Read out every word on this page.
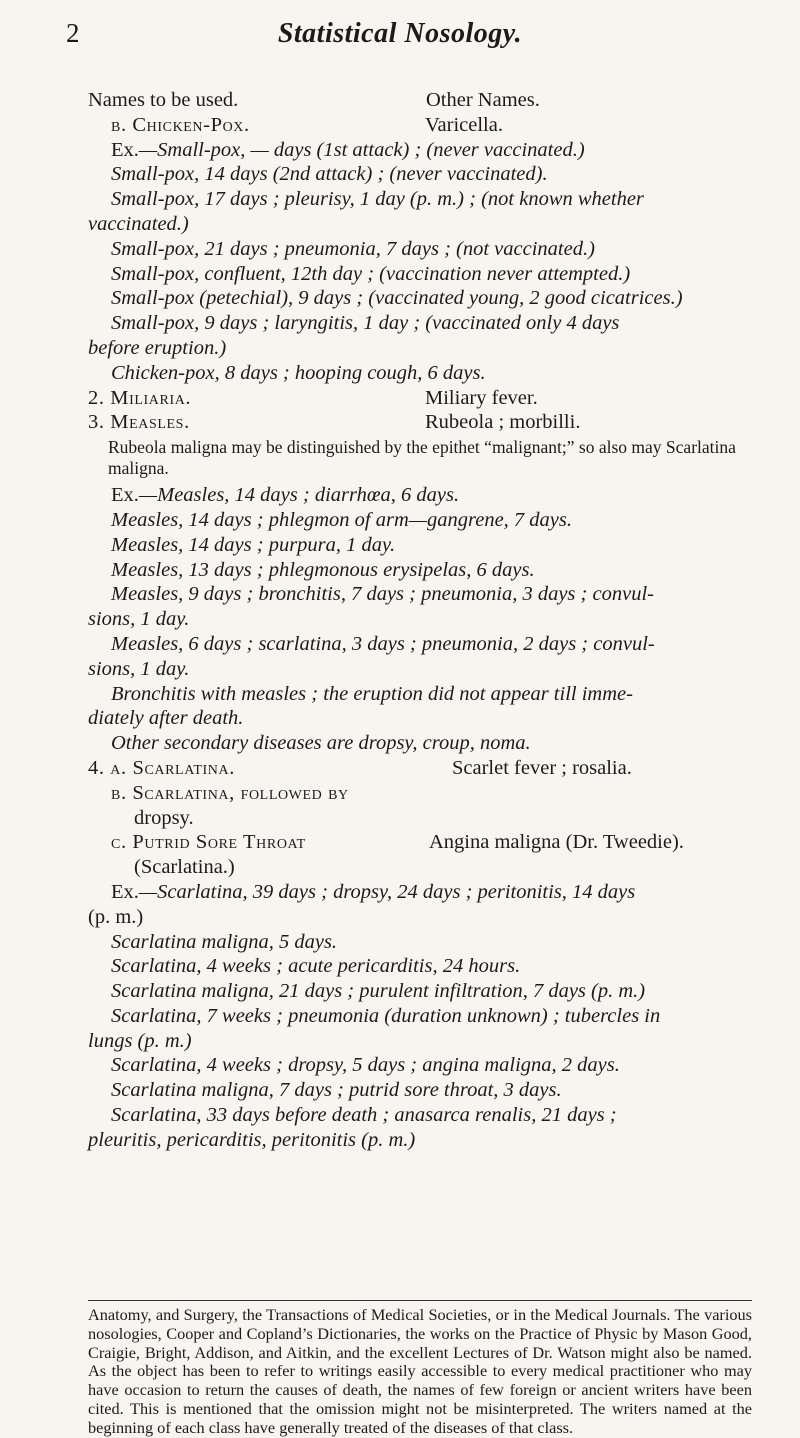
2	Statistical Nosology.
Names to be used.	Other Names.
b. Chicken-Pox.	Varicella.
Ex.—Small-pox, — days (1st attack) ; (never vaccinated.)
Small-pox, 14 days (2nd attack) ; (never vaccinated).
Small-pox, 17 days ; pleurisy, 1 day (p. m.) ; (not known whether
vaccinated.)
Small-pox, 21 days ; pneumonia, 7 days ; (not vaccinated.)
Small-pox, confluent, 12th day ; (vaccination never attempted.)
Small-pox (petechial), 9 days ; (vaccinated young, 2 good cicatrices.)
Small-pox, 9 days ; laryngitis, 1 day ; (vaccinated only 4 days
before eruption.)
Chicken-pox, 8 days ; hooping cough, 6 days.
2. Miliaria.	Miliary fever.
3. Measles.	Rubeola ; morbilli.
Rubeola maligna may be distinguished by the epithet “malignant;” so also may Scarlatina maligna.
Ex.—Measles, 14 days ; diarrhœa, 6 days.
Measles, 14 days ; phlegmon of arm—gangrene, 7 days.
Measles, 14 days ; purpura, 1 day.
Measles, 13 days ; phlegmonous erysipelas, 6 days.
Measles, 9 days ; bronchitis, 7 days ; pneumonia, 3 days ; convul-
sions, 1 day.
Measles, 6 days ; scarlatina, 3 days ; pneumonia, 2 days ; convul-
sions, 1 day.
Bronchitis with measles ; the eruption did not appear till imme-
diately after death.
Other secondary diseases are dropsy, croup, noma.
4. a. Scarlatina.	Scarlet fever ; rosalia.
b. Scarlatina, followed by
dropsy.
c. Putrid Sore Throat	Angina maligna (Dr. Tweedie).
(Scarlatina.)
Ex.—Scarlatina, 39 days ; dropsy, 24 days ; peritonitis, 14 days
(p. m.)
Scarlatina maligna, 5 days.
Scarlatina, 4 weeks ; acute pericarditis, 24 hours.
Scarlatina maligna, 21 days ; purulent infiltration, 7 days (p. m.)
Scarlatina, 7 weeks ; pneumonia (duration unknown) ; tubercles in
lungs (p. m.)
Scarlatina, 4 weeks ; dropsy, 5 days ; angina maligna, 2 days.
Scarlatina maligna, 7 days ; putrid sore throat, 3 days.
Scarlatina, 33 days before death ; anasarca renalis, 21 days ;
pleuritis, pericarditis, peritonitis (p. m.)
Anatomy, and Surgery, the Transactions of Medical Societies, or in the Medical Journals. The various nosologies, Cooper and Copland’s Dictionaries, the works on the Practice of Physic by Mason Good, Craigie, Bright, Addison, and Aitkin, and the excellent Lectures of Dr. Watson might also be named. As the object has been to refer to writings easily accessible to every medical practitioner who may have occasion to return the causes of death, the names of few foreign or ancient writers have been cited. This is mentioned that the omission might not be misinterpreted. The writers named at the beginning of each class have generally treated of the diseases of that class.
